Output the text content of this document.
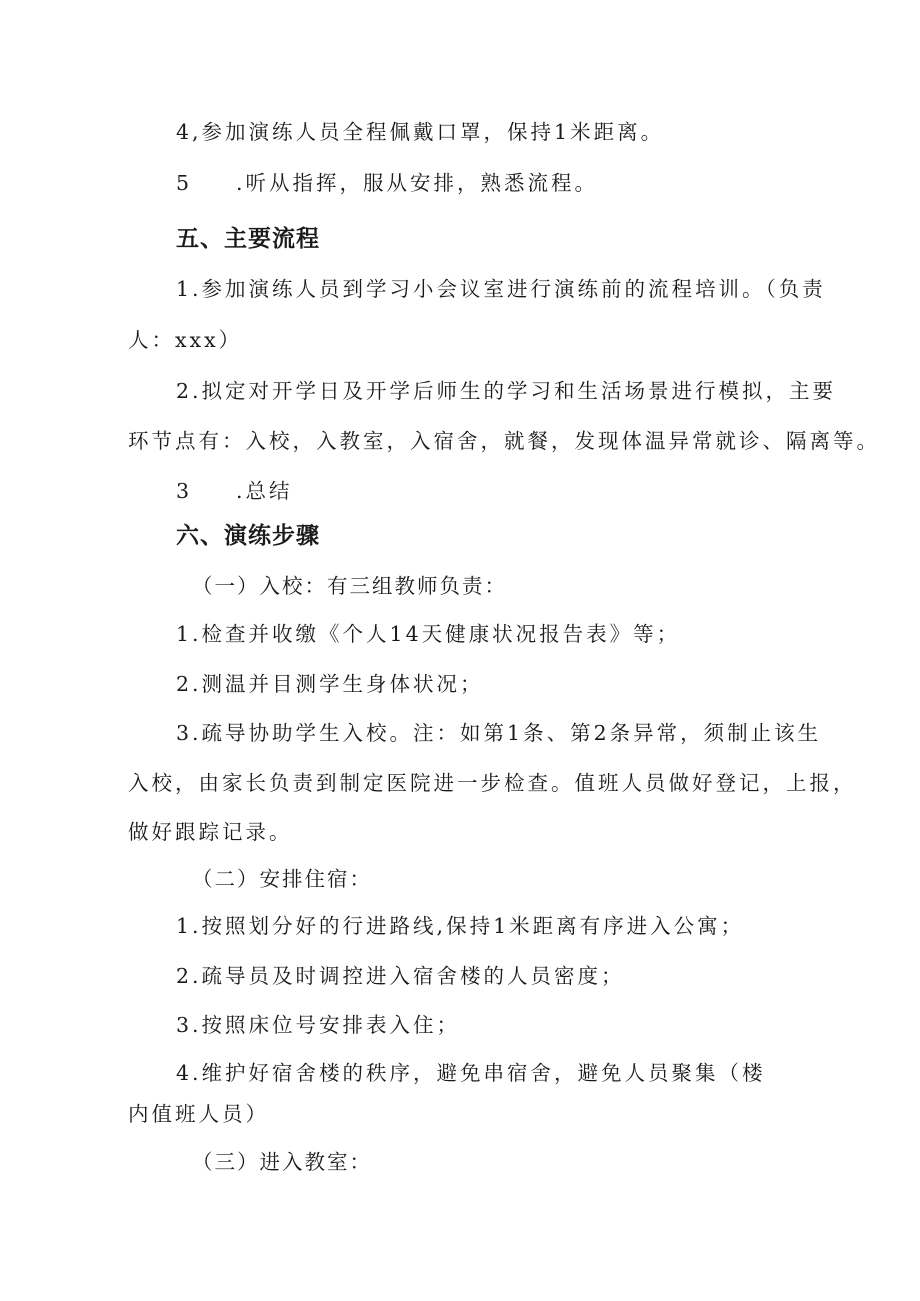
4,参加演练人员全程佩戴口罩，保持1米距离。
5 .听从指挥，服从安排，熟悉流程。
五、主要流程
1.参加演练人员到学习小会议室进行演练前的流程培训。（负责
人：xxx）
2.拟定对开学日及开学后师生的学习和生活场景进行模拟，主要
环节点有：入校，入教室，入宿舍，就餐，发现体温异常就诊、隔离等。
3 .总结
六、演练步骤
（一）入校：有三组教师负责：
1.检查并收缴《个人14天健康状况报告表》等；
2.测温并目测学生身体状况；
3.疏导协助学生入校。注：如第1条、第2条异常，须制止该生
入校，由家长负责到制定医院进一步检查。值班人员做好登记，上报，
做好跟踪记录。
（二）安排住宿：
1.按照划分好的行进路线,保持1米距离有序进入公寓；
2.疏导员及时调控进入宿舍楼的人员密度；
3.按照床位号安排表入住；
4.维护好宿舍楼的秩序，避免串宿舍，避免人员聚集（楼
内值班人员）
（三）进入教室：
